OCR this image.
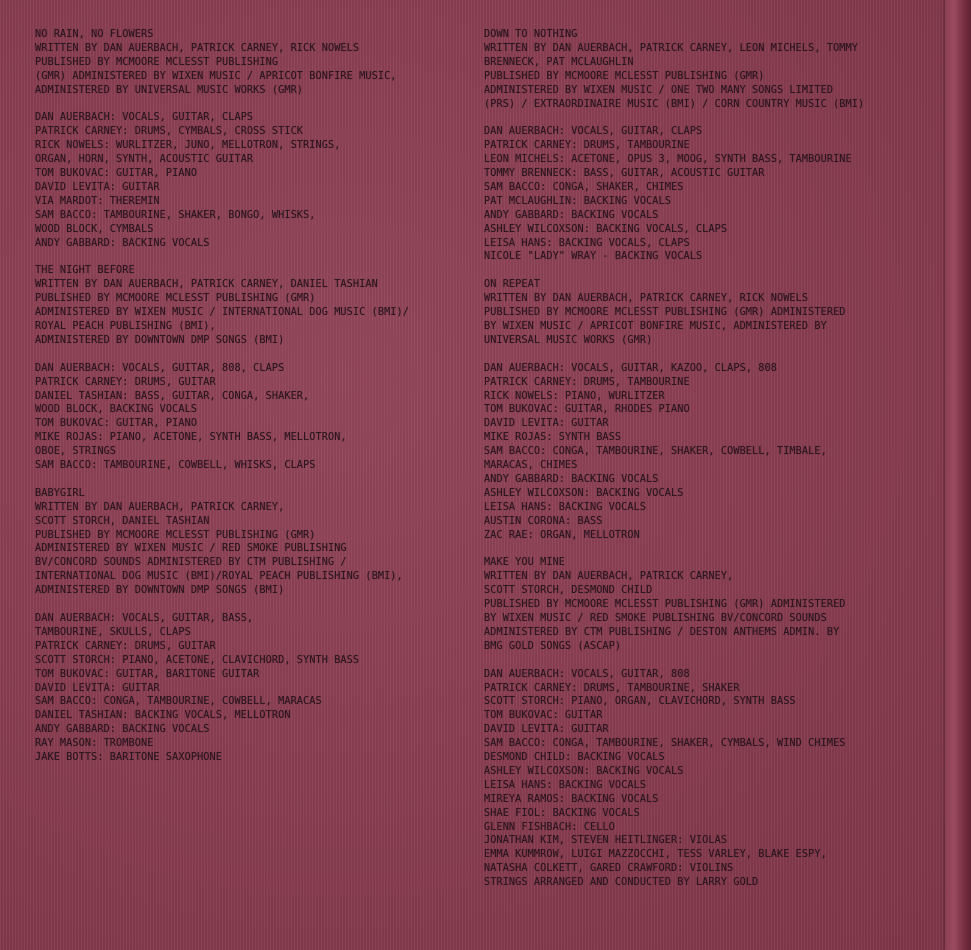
NO RAIN, NO FLOWERS

WRITTEN BY DAN AUERBACH, PATRICK CARNEY, RICK NOWELS

PUBLISHED BY MCMOORE MCLESST PUBLISHING

(GMR) ADMINISTERED BY WIXEN MUSIC / APRICOT BONFIRE MUSIC,

ADMINISTERED BY UNIVERSAL MUSIC WORKS (GMR)

DAN AUERBACH: VOCALS, GUITAR, CLAPS

PATRICK CARNEY: DRUMS, CYMBALS, CROSS STICK

RICK NOWELS: WURLITZER, JUNO, MELLOTRON, STRINGS,

ORGAN, HORN, SYNTH, ACOUSTIC GUITAR

TOM BUKOVAC: GUITAR, PIANO

DAVID LEVITA: GUITAR

VIA MARDOT: THEREMIN

SAM BACCO: TAMBOURINE, SHAKER, BONGO, WHISKS,

WOOD BLOCK, CYMBALS

ANDY GABBARD: BACKING VOCALS

THE NIGHT BEFORE

WRITTEN BY DAN AUERBACH, PATRICK CARNEY, DANIEL TASHIAN

PUBLISHED BY MCMOORE MCLESST PUBLISHING (GMR)

ADMINISTERED BY WIXEN MUSIC / INTERNATIONAL DOG MUSIC (BMI)/

ROYAL PEACH PUBLISHING (BMI),

ADMINISTERED BY DOWNTOWN DMP SONGS (BMI)

DAN AUERBACH: VOCALS, GUITAR, 808, CLAPS

PATRICK CARNEY: DRUMS, GUITAR

DANIEL TASHIAN: BASS, GUITAR, CONGA, SHAKER,

WOOD BLOCK, BACKING VOCALS

TOM BUKOVAC: GUITAR, PIANO

MIKE ROJAS: PIANO, ACETONE, SYNTH BASS, MELLOTRON,

OBOE, STRINGS

SAM BACCO: TAMBOURINE, COWBELL, WHISKS, CLAPS

BABYGIRL

WRITTEN BY DAN AUERBACH, PATRICK CARNEY,

SCOTT STORCH, DANIEL TASHIAN

PUBLISHED BY MCMOORE MCLESST PUBLISHING (GMR)

ADMINISTERED BY WIXEN MUSIC / RED SMOKE PUBLISHING

BV/CONCORD SOUNDS ADMINISTERED BY CTM PUBLISHING /

INTERNATIONAL DOG MUSIC (BMI)/ROYAL PEACH PUBLISHING (BMI),

ADMINISTERED BY DOWNTOWN DMP SONGS (BMI)

DAN AUERBACH: VOCALS, GUITAR, BASS,

TAMBOURINE, SKULLS, CLAPS

PATRICK CARNEY: DRUMS, GUITAR

SCOTT STORCH: PIANO, ACETONE, CLAVICHORD, SYNTH BASS

TOM BUKOVAC: GUITAR, BARITONE GUITAR

DAVID LEVITA: GUITAR

SAM BACCO: CONGA, TAMBOURINE, COWBELL, MARACAS

DANIEL TASHIAN: BACKING VOCALS, MELLOTRON

ANDY GABBARD: BACKING VOCALS

RAY MASON: TROMBONE

JAKE BOTTS: BARITONE SAXOPHONE

DOWN TO NOTHING

WRITTEN BY DAN AUERBACH, PATRICK CARNEY, LEON MICHELS, TOMMY

BRENNECK, PAT MCLAUGHLIN

PUBLISHED BY MCMOORE MCLESST PUBLISHING (GMR)

ADMINISTERED BY WIXEN MUSIC / ONE TWO MANY SONGS LIMITED

(PRS) / EXTRAORDINAIRE MUSIC (BMI) / CORN COUNTRY MUSIC (BMI)

DAN AUERBACH: VOCALS, GUITAR, CLAPS

PATRICK CARNEY: DRUMS, TAMBOURINE

LEON MICHELS: ACETONE, OPUS 3, MOOG, SYNTH BASS, TAMBOURINE

TOMMY BRENNECK: BASS, GUITAR, ACOUSTIC GUITAR

SAM BACCO: CONGA, SHAKER, CHIMES

PAT MCLAUGHLIN: BACKING VOCALS

ANDY GABBARD: BACKING VOCALS

ASHLEY WILCOXSON: BACKING VOCALS, CLAPS

LEISA HANS: BACKING VOCALS, CLAPS

NICOLE "LADY" WRAY - BACKING VOCALS

ON REPEAT

WRITTEN BY DAN AUERBACH, PATRICK CARNEY, RICK NOWELS

PUBLISHED BY MCMOORE MCLESST PUBLISHING (GMR) ADMINISTERED

BY WIXEN MUSIC / APRICOT BONFIRE MUSIC, ADMINISTERED BY

UNIVERSAL MUSIC WORKS (GMR)

DAN AUERBACH: VOCALS, GUITAR, KAZOO, CLAPS, 808

PATRICK CARNEY: DRUMS, TAMBOURINE

RICK NOWELS: PIANO, WURLITZER

TOM BUKOVAC: GUITAR, RHODES PIANO

DAVID LEVITA: GUITAR

MIKE ROJAS: SYNTH BASS

SAM BACCO: CONGA, TAMBOURINE, SHAKER, COWBELL, TIMBALE,

MARACAS, CHIMES

ANDY GABBARD: BACKING VOCALS

ASHLEY WILCOXSON: BACKING VOCALS

LEISA HANS: BACKING VOCALS

AUSTIN CORONA: BASS

ZAC RAE: ORGAN, MELLOTRON

MAKE YOU MINE

WRITTEN BY DAN AUERBACH, PATRICK CARNEY,

SCOTT STORCH, DESMOND CHILD

PUBLISHED BY MCMOORE MCLESST PUBLISHING (GMR) ADMINISTERED

BY WIXEN MUSIC / RED SMOKE PUBLISHING BV/CONCORD SOUNDS

ADMINISTERED BY CTM PUBLISHING / DESTON ANTHEMS ADMIN. BY

BMG GOLD SONGS (ASCAP)

DAN AUERBACH: VOCALS, GUITAR, 808

PATRICK CARNEY: DRUMS, TAMBOURINE, SHAKER

SCOTT STORCH: PIANO, ORGAN, CLAVICHORD, SYNTH BASS

TOM BUKOVAC: GUITAR

DAVID LEVITA: GUITAR

SAM BACCO: CONGA, TAMBOURINE, SHAKER, CYMBALS, WIND CHIMES

DESMOND CHILD: BACKING VOCALS

ASHLEY WILCOXSON: BACKING VOCALS

LEISA HANS: BACKING VOCALS

MIREYA RAMOS: BACKING VOCALS

SHAE FIOL: BACKING VOCALS

GLENN FISHBACH: CELLO

JONATHAN KIM, STEVEN HEITLINGER: VIOLAS

EMMA KUMMROW, LUIGI MAZZOCCHI, TESS VARLEY, BLAKE ESPY,

NATASHA COLKETT, GARED CRAWFORD: VIOLINS

STRINGS ARRANGED AND CONDUCTED BY LARRY GOLD
